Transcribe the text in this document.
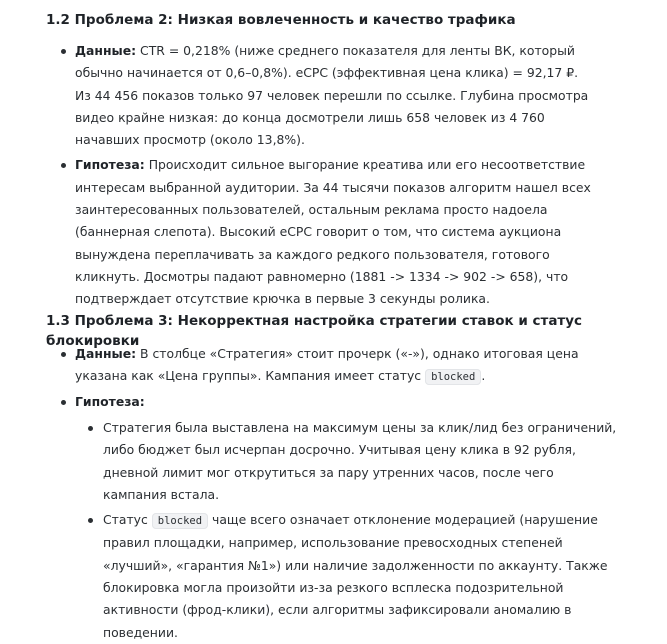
1.2 Проблема 2: Низкая вовлеченность и качество трафика
Данные: CTR = 0,218% (ниже среднего показателя для ленты ВК, который обычно начинается от 0,6–0,8%). eCPC (эффективная цена клика) = 92,17 ₽. Из 44 456 показов только 97 человек перешли по ссылке. Глубина просмотра видео крайне низкая: до конца досмотрели лишь 658 человек из 4 760 начавших просмотр (около 13,8%).
Гипотеза: Происходит сильное выгорание креатива или его несоответствие интересам выбранной аудитории. За 44 тысячи показов алгоритм нашел всех заинтересованных пользователей, остальным реклама просто надоела (баннерная слепота). Высокий eCPC говорит о том, что система аукциона вынуждена переплачивать за каждого редкого пользователя, готового кликнуть. Досмотры падают равномерно (1881 -> 1334 -> 902 -> 658), что подтверждает отсутствие крючка в первые 3 секунды ролика.
1.3 Проблема 3: Некорректная настройка стратегии ставок и статус блокировки
Данные: В столбце «Стратегия» стоит прочерк («-»), однако итоговая цена указана как «Цена группы». Кампания имеет статус blocked .
Гипотеза:
Стратегия была выставлена на максимум цены за клик/лид без ограничений, либо бюджет был исчерпан досрочно. Учитывая цену клика в 92 рубля, дневной лимит мог открутиться за пару утренних часов, после чего кампания встала.
Статус blocked чаще всего означает отклонение модерацией (нарушение правил площадки, например, использование превосходных степеней «лучший», «гарантия №1») или наличие задолженности по аккаунту. Также блокировка могла произойти из-за резкого всплеска подозрительной активности (фрод-клики), если алгоритмы зафиксировали аномалию в поведении.
